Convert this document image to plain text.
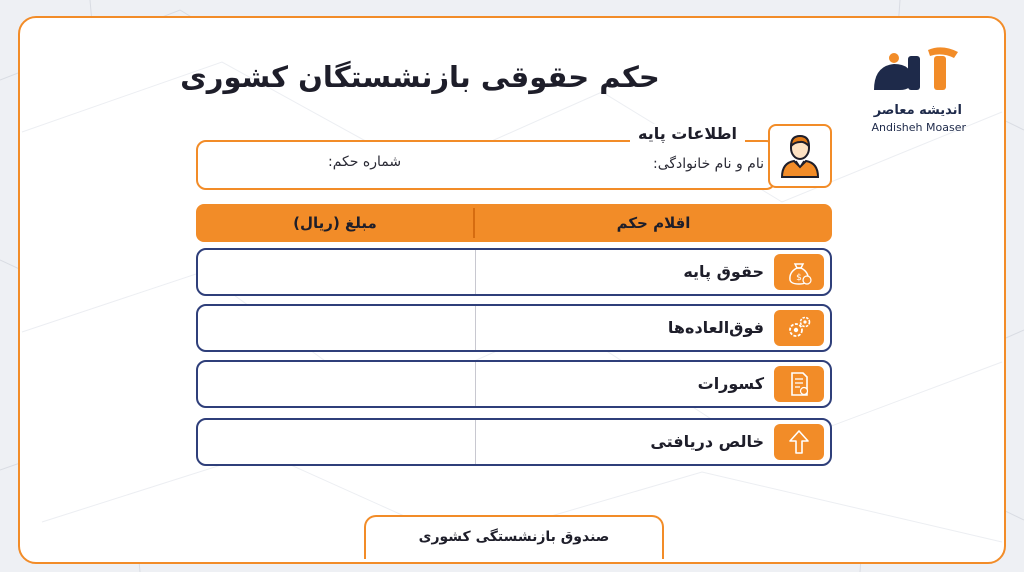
حکم حقوقی بازنشستگان کشوری
اندیشه معاصر
Andisheh Moaser
نام و نام خانوادگی:
شماره حکم:
اطلاعات پایه
اقلام حکم
مبلغ (ریال)
حقوق پایه	$
فوق‌العاده‌ها
کسورات
خالص دریافتی
صندوق بازنشستگی کشوری
